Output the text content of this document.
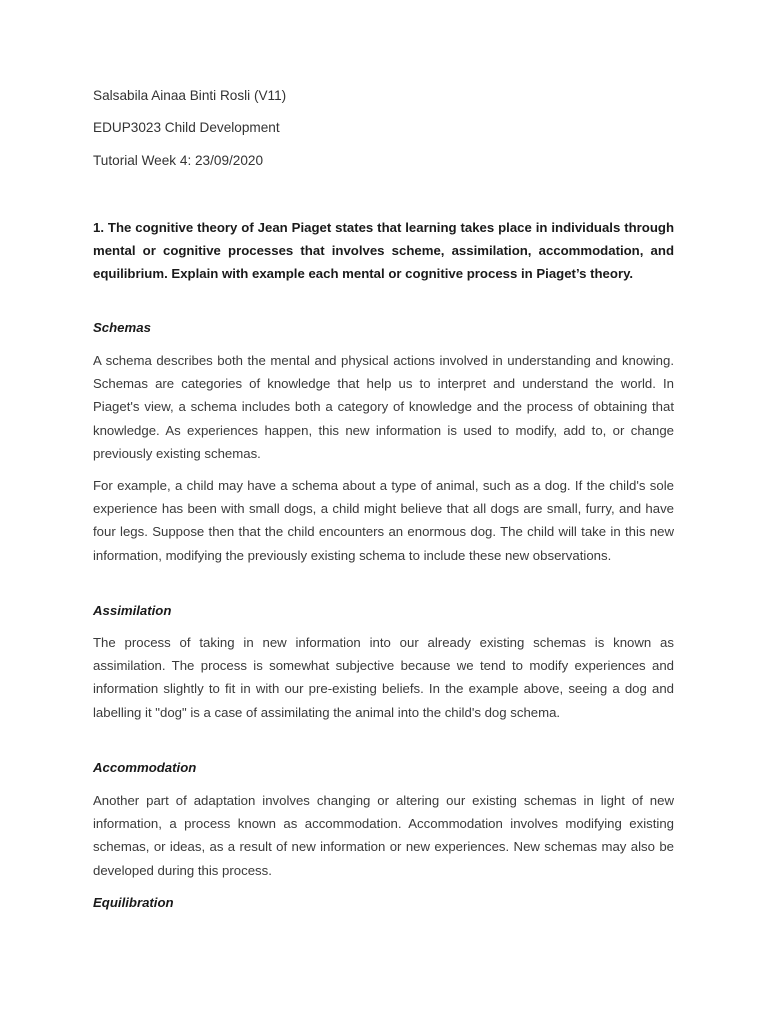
Salsabila Ainaa Binti Rosli (V11)
EDUP3023 Child Development
Tutorial Week 4: 23/09/2020

1. The cognitive theory of Jean Piaget states that learning takes place in individuals through mental or cognitive processes that involves scheme, assimilation, accommodation, and equilibrium. Explain with example each mental or cognitive process in Piaget’s theory.

Schemas

A schema describes both the mental and physical actions involved in understanding and knowing. Schemas are categories of knowledge that help us to interpret and understand the world. In Piaget's view, a schema includes both a category of knowledge and the process of obtaining that knowledge. As experiences happen, this new information is used to modify, add to, or change previously existing schemas.

For example, a child may have a schema about a type of animal, such as a dog. If the child's sole experience has been with small dogs, a child might believe that all dogs are small, furry, and have four legs. Suppose then that the child encounters an enormous dog. The child will take in this new information, modifying the previously existing schema to include these new observations.

Assimilation

The process of taking in new information into our already existing schemas is known as assimilation. The process is somewhat subjective because we tend to modify experiences and information slightly to fit in with our pre-existing beliefs. In the example above, seeing a dog and labelling it "dog" is a case of assimilating the animal into the child's dog schema.

Accommodation

Another part of adaptation involves changing or altering our existing schemas in light of new information, a process known as accommodation. Accommodation involves modifying existing schemas, or ideas, as a result of new information or new experiences. New schemas may also be developed during this process.

Equilibration
